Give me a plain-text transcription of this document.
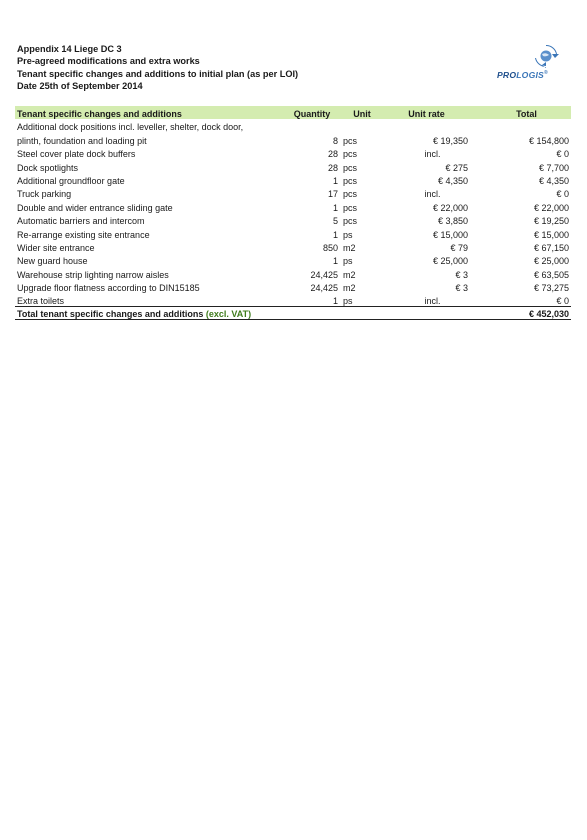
Appendix 14 Liege DC 3
Pre-agreed modifications and extra works
Tenant specific changes and additions to initial plan (as per LOI)
Date 25th of September 2014
PROLOGIS®
Tenant specific changes and additions	Quantity	Unit	Unit rate	Total
Additional dock positions incl. leveller, shelter, dock door,				
plinth, foundation and loading pit	8	pcs	€ 19,350	€ 154,800
Steel cover plate dock buffers	28	pcs	incl.	€ 0
Dock spotlights	28	pcs	€ 275	€ 7,700
Additional groundfloor gate	1	pcs	€ 4,350	€ 4,350
Truck parking	17	pcs	incl.	€ 0
Double and wider entrance sliding gate	1	pcs	€ 22,000	€ 22,000
Automatic barriers and intercom	5	pcs	€ 3,850	€ 19,250
Re-arrange existing site entrance	1	ps	€ 15,000	€ 15,000
Wider site entrance	850	m2	€ 79	€ 67,150
New guard house	1	ps	€ 25,000	€ 25,000
Warehouse strip lighting narrow aisles	24,425	m2	€ 3	€ 63,505
Upgrade floor flatness according to DIN15185	24,425	m2	€ 3	€ 73,275
Extra toilets	1	ps	incl.	€ 0
Total tenant specific changes and additions (excl. VAT)				€ 452,030
